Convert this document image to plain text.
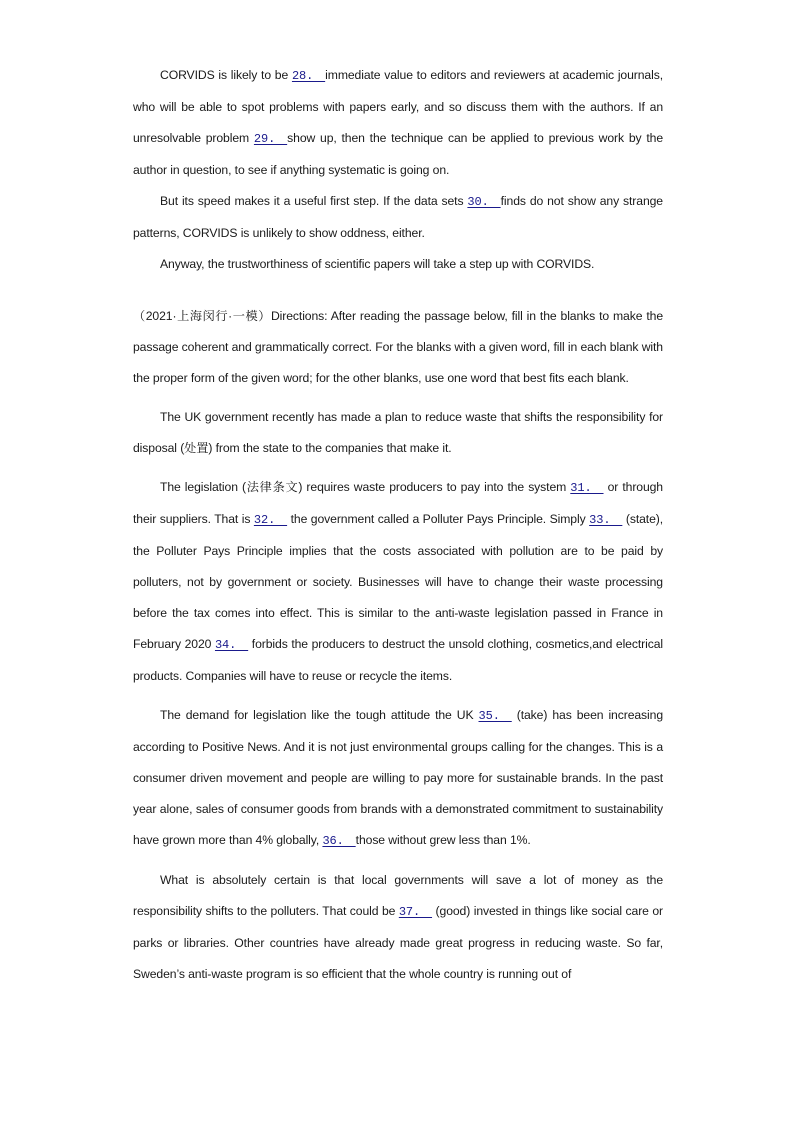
CORVIDS is likely to be 28.　immediate value to editors and reviewers at academic journals, who will be able to spot problems with papers early, and so discuss them with the authors. If an unresolvable problem 29.　show up, then the technique can be applied to previous work by the author in question, to see if anything systematic is going on.

But its speed makes it a useful first step. If the data sets 30.　finds do not show any strange patterns, CORVIDS is unlikely to show oddness, either.

Anyway, the trustworthiness of scientific papers will take a step up with CORVIDS.

（2021·上海闵行·一模）Directions: After reading the passage below, fill in the blanks to make the passage coherent and grammatically correct. For the blanks with a given word, fill in each blank with the proper form of the given word; for the other blanks, use one word that best fits each blank.

The UK government recently has made a plan to reduce waste that shifts the responsibility for disposal (处置) from the state to the companies that make it.

The legislation (法律条文) requires waste producers to pay into the system 31.　 or through their suppliers. That is 32.　 the government called a Polluter Pays Principle. Simply 33.　 (state), the Polluter Pays Principle implies that the costs associated with pollution are to be paid by polluters, not by government or society. Businesses will have to change their waste processing before the tax comes into effect. This is similar to the anti-waste legislation passed in France in February 2020 34.　 forbids the producers to destruct the unsold clothing, cosmetics,and electrical products. Companies will have to reuse or recycle the items.

The demand for legislation like the tough attitude the UK 35.　 (take) has been increasing according to Positive News. And it is not just environmental groups calling for the changes. This is a consumer driven movement and people are willing to pay more for sustainable brands. In the past year alone, sales of consumer goods from brands with a demonstrated commitment to sustainability have grown more than 4% globally, 36.　those without grew less than 1%.

What is absolutely certain is that local governments will save a lot of money as the responsibility shifts to the polluters. That could be 37.　 (good) invested in things like social care or parks or libraries. Other countries have already made great progress in reducing waste. So far, Sweden’s anti-waste program is so efficient that the whole country is running out of
